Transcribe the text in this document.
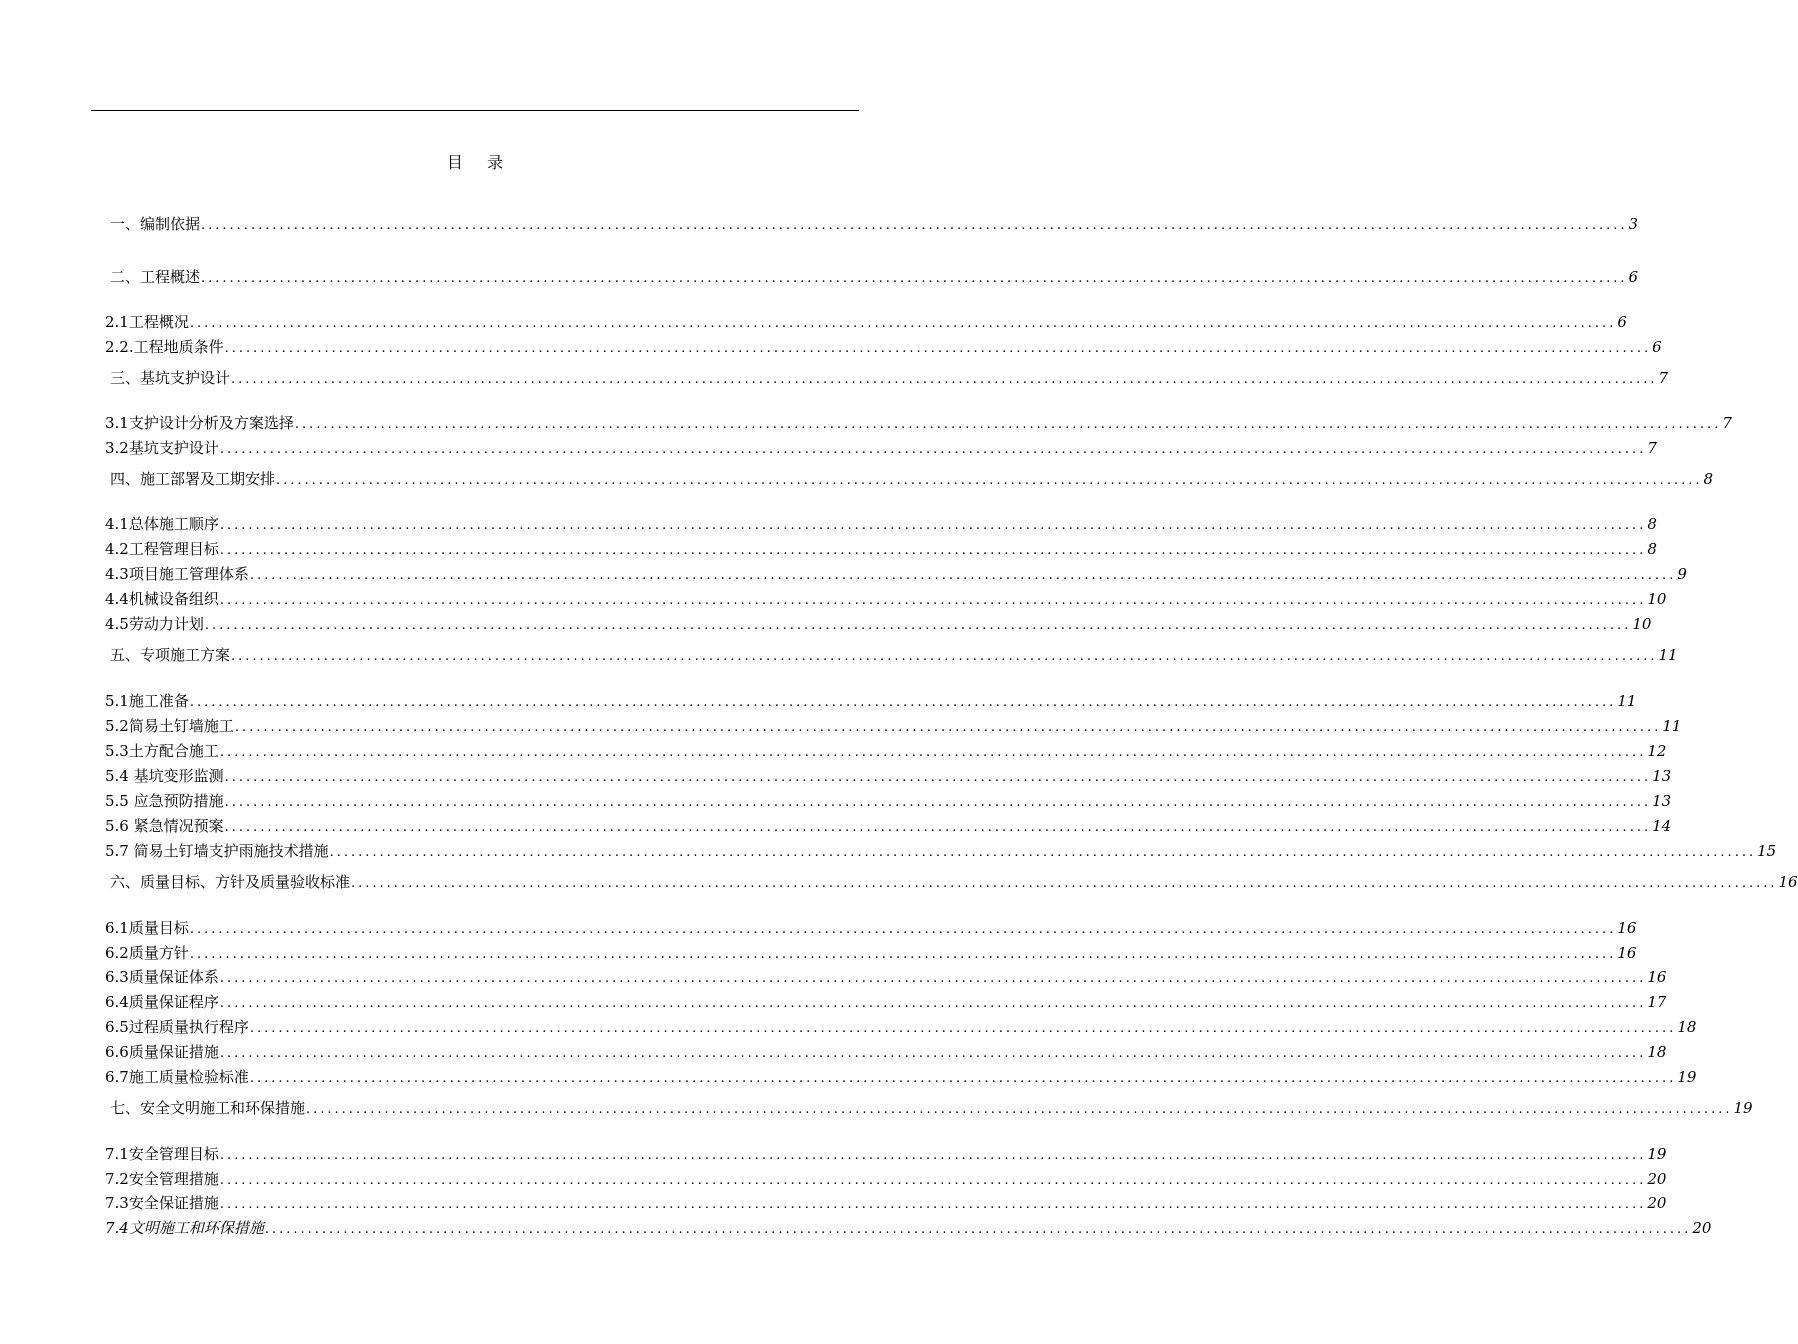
目 录
一、编制依据 ........................................................................................................................................................................................................ 3
二、工程概述 ........................................................................................................................................................................................................ 6
2.1工程概况 ........................................................................................................................................................................................................ 6
2.2.工程地质条件 ........................................................................................................................................................................................................ 6
三、基坑支护设计 ........................................................................................................................................................................................................ 7
3.1支护设计分析及方案选择 ........................................................................................................................................................................................................ 7
3.2基坑支护设计 ........................................................................................................................................................................................................ 7
四、施工部署及工期安排 ........................................................................................................................................................................................................ 8
4.1总体施工顺序 ........................................................................................................................................................................................................ 8
4.2工程管理目标 ........................................................................................................................................................................................................ 8
4.3项目施工管理体系 ........................................................................................................................................................................................................ 9
4.4机械设备组织 ........................................................................................................................................................................................................ 10
4.5劳动力计划 ........................................................................................................................................................................................................ 10
五、专项施工方案 ........................................................................................................................................................................................................ 11
5.1施工准备 ........................................................................................................................................................................................................ 11
5.2简易土钉墙施工 ........................................................................................................................................................................................................ 11
5.3土方配合施工 ........................................................................................................................................................................................................ 12
5.4 基坑变形监测 ........................................................................................................................................................................................................ 13
5.5 应急预防措施 ........................................................................................................................................................................................................ 13
5.6 紧急情况预案 ........................................................................................................................................................................................................ 14
5.7 简易土钉墙支护雨施技术措施 ........................................................................................................................................................................................................ 15
六、质量目标、方针及质量验收标准 ........................................................................................................................................................................................................ 16
6.1质量目标 ........................................................................................................................................................................................................ 16
6.2质量方针 ........................................................................................................................................................................................................ 16
6.3质量保证体系 ........................................................................................................................................................................................................ 16
6.4质量保证程序 ........................................................................................................................................................................................................ 17
6.5过程质量执行程序 ........................................................................................................................................................................................................ 18
6.6质量保证措施 ........................................................................................................................................................................................................ 18
6.7施工质量检验标准 ........................................................................................................................................................................................................ 19
七、安全文明施工和环保措施 ........................................................................................................................................................................................................ 19
7.1安全管理目标 ........................................................................................................................................................................................................ 19
7.2安全管理措施 ........................................................................................................................................................................................................ 20
7.3安全保证措施 ........................................................................................................................................................................................................ 20
7.4文明施工和环保措施 ........................................................................................................................................................................................................ 20
